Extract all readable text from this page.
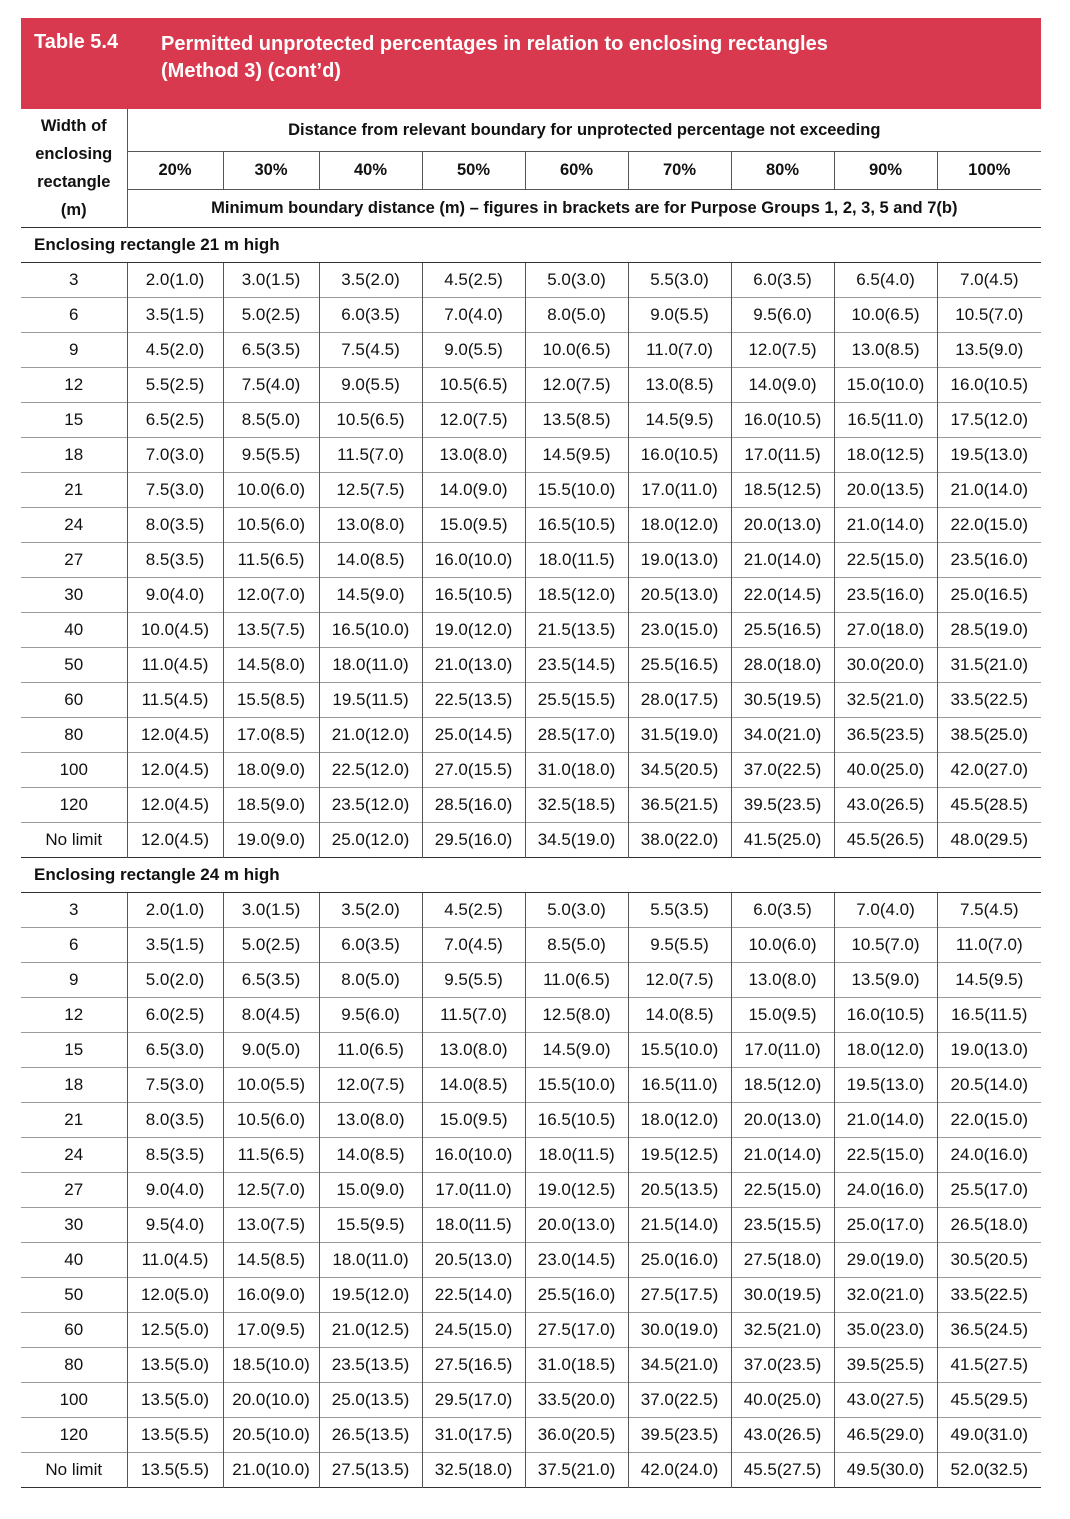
Table 5.4 Permitted unprotected percentages in relation to enclosing rectangles
(Method 3) (cont’d)
Width of
enclosing
rectangle
(m)	Distance from relevant boundary for unprotected percentage not exceeding								
	20%	30%	40%	50%	60%	70%	80%	90%	100%
	Minimum boundary distance (m) – figures in brackets are for Purpose Groups 1, 2, 3, 5 and 7(b)								
Enclosing rectangle 21 m high									
3	2.0(1.0)	3.0(1.5)	3.5(2.0)	4.5(2.5)	5.0(3.0)	5.5(3.0)	6.0(3.5)	6.5(4.0)	7.0(4.5)
6	3.5(1.5)	5.0(2.5)	6.0(3.5)	7.0(4.0)	8.0(5.0)	9.0(5.5)	9.5(6.0)	10.0(6.5)	10.5(7.0)
9	4.5(2.0)	6.5(3.5)	7.5(4.5)	9.0(5.5)	10.0(6.5)	11.0(7.0)	12.0(7.5)	13.0(8.5)	13.5(9.0)
12	5.5(2.5)	7.5(4.0)	9.0(5.5)	10.5(6.5)	12.0(7.5)	13.0(8.5)	14.0(9.0)	15.0(10.0)	16.0(10.5)
15	6.5(2.5)	8.5(5.0)	10.5(6.5)	12.0(7.5)	13.5(8.5)	14.5(9.5)	16.0(10.5)	16.5(11.0)	17.5(12.0)
18	7.0(3.0)	9.5(5.5)	11.5(7.0)	13.0(8.0)	14.5(9.5)	16.0(10.5)	17.0(11.5)	18.0(12.5)	19.5(13.0)
21	7.5(3.0)	10.0(6.0)	12.5(7.5)	14.0(9.0)	15.5(10.0)	17.0(11.0)	18.5(12.5)	20.0(13.5)	21.0(14.0)
24	8.0(3.5)	10.5(6.0)	13.0(8.0)	15.0(9.5)	16.5(10.5)	18.0(12.0)	20.0(13.0)	21.0(14.0)	22.0(15.0)
27	8.5(3.5)	11.5(6.5)	14.0(8.5)	16.0(10.0)	18.0(11.5)	19.0(13.0)	21.0(14.0)	22.5(15.0)	23.5(16.0)
30	9.0(4.0)	12.0(7.0)	14.5(9.0)	16.5(10.5)	18.5(12.0)	20.5(13.0)	22.0(14.5)	23.5(16.0)	25.0(16.5)
40	10.0(4.5)	13.5(7.5)	16.5(10.0)	19.0(12.0)	21.5(13.5)	23.0(15.0)	25.5(16.5)	27.0(18.0)	28.5(19.0)
50	11.0(4.5)	14.5(8.0)	18.0(11.0)	21.0(13.0)	23.5(14.5)	25.5(16.5)	28.0(18.0)	30.0(20.0)	31.5(21.0)
60	11.5(4.5)	15.5(8.5)	19.5(11.5)	22.5(13.5)	25.5(15.5)	28.0(17.5)	30.5(19.5)	32.5(21.0)	33.5(22.5)
80	12.0(4.5)	17.0(8.5)	21.0(12.0)	25.0(14.5)	28.5(17.0)	31.5(19.0)	34.0(21.0)	36.5(23.5)	38.5(25.0)
100	12.0(4.5)	18.0(9.0)	22.5(12.0)	27.0(15.5)	31.0(18.0)	34.5(20.5)	37.0(22.5)	40.0(25.0)	42.0(27.0)
120	12.0(4.5)	18.5(9.0)	23.5(12.0)	28.5(16.0)	32.5(18.5)	36.5(21.5)	39.5(23.5)	43.0(26.5)	45.5(28.5)
No limit	12.0(4.5)	19.0(9.0)	25.0(12.0)	29.5(16.0)	34.5(19.0)	38.0(22.0)	41.5(25.0)	45.5(26.5)	48.0(29.5)
Enclosing rectangle 24 m high									
3	2.0(1.0)	3.0(1.5)	3.5(2.0)	4.5(2.5)	5.0(3.0)	5.5(3.5)	6.0(3.5)	7.0(4.0)	7.5(4.5)
6	3.5(1.5)	5.0(2.5)	6.0(3.5)	7.0(4.5)	8.5(5.0)	9.5(5.5)	10.0(6.0)	10.5(7.0)	11.0(7.0)
9	5.0(2.0)	6.5(3.5)	8.0(5.0)	9.5(5.5)	11.0(6.5)	12.0(7.5)	13.0(8.0)	13.5(9.0)	14.5(9.5)
12	6.0(2.5)	8.0(4.5)	9.5(6.0)	11.5(7.0)	12.5(8.0)	14.0(8.5)	15.0(9.5)	16.0(10.5)	16.5(11.5)
15	6.5(3.0)	9.0(5.0)	11.0(6.5)	13.0(8.0)	14.5(9.0)	15.5(10.0)	17.0(11.0)	18.0(12.0)	19.0(13.0)
18	7.5(3.0)	10.0(5.5)	12.0(7.5)	14.0(8.5)	15.5(10.0)	16.5(11.0)	18.5(12.0)	19.5(13.0)	20.5(14.0)
21	8.0(3.5)	10.5(6.0)	13.0(8.0)	15.0(9.5)	16.5(10.5)	18.0(12.0)	20.0(13.0)	21.0(14.0)	22.0(15.0)
24	8.5(3.5)	11.5(6.5)	14.0(8.5)	16.0(10.0)	18.0(11.5)	19.5(12.5)	21.0(14.0)	22.5(15.0)	24.0(16.0)
27	9.0(4.0)	12.5(7.0)	15.0(9.0)	17.0(11.0)	19.0(12.5)	20.5(13.5)	22.5(15.0)	24.0(16.0)	25.5(17.0)
30	9.5(4.0)	13.0(7.5)	15.5(9.5)	18.0(11.5)	20.0(13.0)	21.5(14.0)	23.5(15.5)	25.0(17.0)	26.5(18.0)
40	11.0(4.5)	14.5(8.5)	18.0(11.0)	20.5(13.0)	23.0(14.5)	25.0(16.0)	27.5(18.0)	29.0(19.0)	30.5(20.5)
50	12.0(5.0)	16.0(9.0)	19.5(12.0)	22.5(14.0)	25.5(16.0)	27.5(17.5)	30.0(19.5)	32.0(21.0)	33.5(22.5)
60	12.5(5.0)	17.0(9.5)	21.0(12.5)	24.5(15.0)	27.5(17.0)	30.0(19.0)	32.5(21.0)	35.0(23.0)	36.5(24.5)
80	13.5(5.0)	18.5(10.0)	23.5(13.5)	27.5(16.5)	31.0(18.5)	34.5(21.0)	37.0(23.5)	39.5(25.5)	41.5(27.5)
100	13.5(5.0)	20.0(10.0)	25.0(13.5)	29.5(17.0)	33.5(20.0)	37.0(22.5)	40.0(25.0)	43.0(27.5)	45.5(29.5)
120	13.5(5.5)	20.5(10.0)	26.5(13.5)	31.0(17.5)	36.0(20.5)	39.5(23.5)	43.0(26.5)	46.5(29.0)	49.0(31.0)
No limit	13.5(5.5)	21.0(10.0)	27.5(13.5)	32.5(18.0)	37.5(21.0)	42.0(24.0)	45.5(27.5)	49.5(30.0)	52.0(32.5)
